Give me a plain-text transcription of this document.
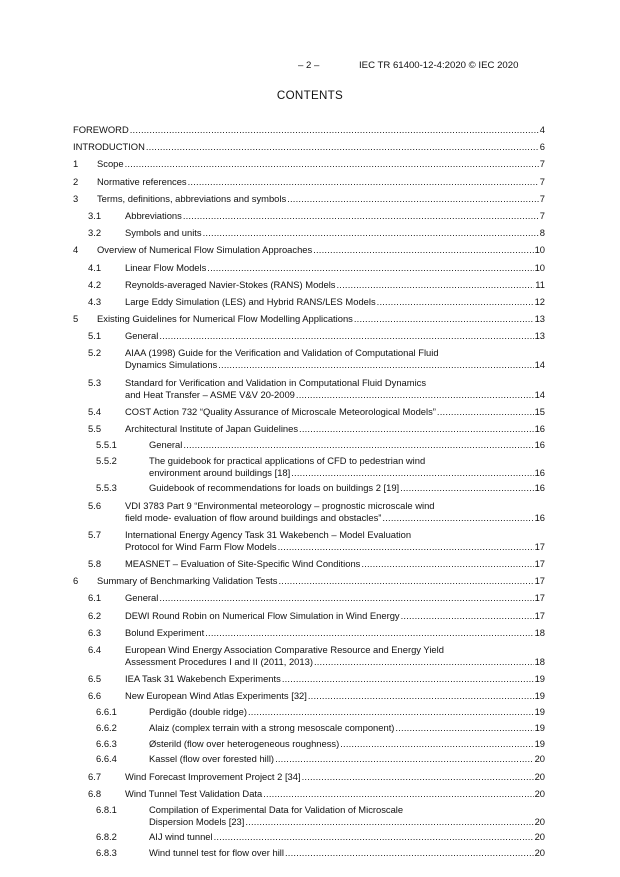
– 2 –	IEC TR 61400-12-4:2020 © IEC 2020
CONTENTS
FOREWORD .....	4
INTRODUCTION .....	6
1 Scope .....	7
2 Normative references .....	7
3 Terms, definitions, abbreviations and symbols .....	7
3.1	Abbreviations .....	7
3.2	Symbols and units .....	8
4 Overview of Numerical Flow Simulation Approaches .....	10
4.1	Linear Flow Models .....	10
4.2	Reynolds-averaged Navier-Stokes (RANS) Models .....	11
4.3	Large Eddy Simulation (LES) and Hybrid RANS/LES Models .....	12
5 Existing Guidelines for Numerical Flow Modelling Applications .....	13
5.1	General .....	13
5.2	AIAA (1998) Guide for the Verification and Validation of Computational Fluid
Dynamics Simulations .....	14
5.3	Standard for Verification and Validation in Computational Fluid Dynamics
and Heat Transfer – ASME V&V 20-2009 .....	14
5.4	COST Action 732 “Quality Assurance of Microscale Meteorological Models” .....	15
5.5	Architectural Institute of Japan Guidelines .....	16
5.5.1	General .....	16
5.5.2	The guidebook for practical applications of CFD to pedestrian wind
environment around buildings [18] .....	16
5.5.3	Guidebook of recommendations for loads on buildings 2 [19] .....	16
5.6	VDI 3783 Part 9 “Environmental meteorology – prognostic microscale wind
field mode- evaluation of flow around buildings and obstacles” .....	16
5.7	International Energy Agency Task 31 Wakebench – Model Evaluation
Protocol for Wind Farm Flow Models .....	17
5.8	MEASNET – Evaluation of Site-Specific Wind Conditions .....	17
6 Summary of Benchmarking Validation Tests .....	17
6.1	General .....	17
6.2	DEWI Round Robin on Numerical Flow Simulation in Wind Energy .....	17
6.3	Bolund Experiment .....	18
6.4	European Wind Energy Association Comparative Resource and Energy Yield
Assessment Procedures I and II (2011, 2013) .....	18
6.5	IEA Task 31 Wakebench Experiments .....	19
6.6	New European Wind Atlas Experiments [32] .....	19
6.6.1	Perdigão (double ridge) .....	19
6.6.2	Alaiz (complex terrain with a strong mesoscale component) .....	19
6.6.3	Østerild (flow over heterogeneous roughness) .....	19
6.6.4	Kassel (flow over forested hill) .....	20
6.7	Wind Forecast Improvement Project 2 [34] .....	20
6.8	Wind Tunnel Test Validation Data .....	20
6.8.1	Compilation of Experimental Data for Validation of Microscale
Dispersion Models [23] .....	20
6.8.2	AIJ wind tunnel .....	20
6.8.3	Wind tunnel test for flow over hill .....	20
